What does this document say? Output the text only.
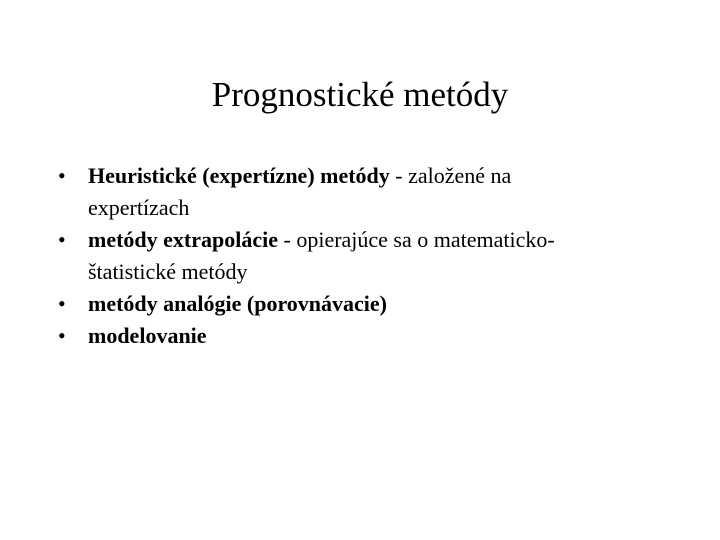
Prognostické metódy
•	Heuristické (expertízne) metódy - založené na expertízach
•	metódy extrapolácie - opierajúce sa o matematicko-štatistické metódy
•	metódy analógie (porovnávacie)
•	modelovanie
